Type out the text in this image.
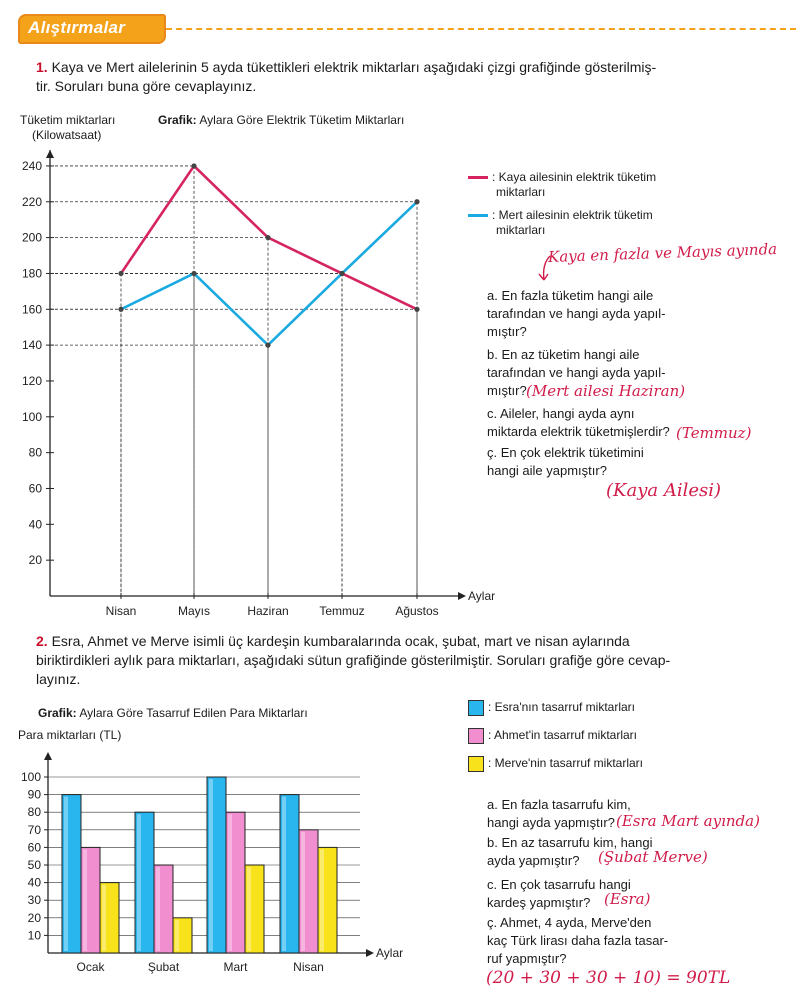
Alıştırmalar
1. Kaya ve Mert ailelerinin 5 ayda tükettikleri elektrik miktarları aşağıdaki çizgi grafiğinde gösterilmiş-
tir. Soruları buna göre cevaplayınız.
Tüketim miktarları
(Kilowatsaat)
Grafik: Aylara Göre Elektrik Tüketim Miktarları
Aylar
20
40
60
80
100
120
140
160
180
200
220
240
Nisan	Mayıs	Haziran	Temmuz	Ağustos
: Kaya ailesinin elektrik tüketim
miktarları
: Mert ailesinin elektrik tüketim
miktarları
Kaya en fazla ve Mayıs ayında
a. En fazla tüketim hangi aile
tarafından ve hangi ayda yapıl-
mıştır?
b. En az tüketim hangi aile
tarafından ve hangi ayda yapıl-
mıştır? (Mert ailesi Haziran)
c. Aileler, hangi ayda aynı
miktarda elektrik tüketmişlerdir? (Temmuz)
ç. En çok elektrik tüketimini
hangi aile yapmıştır?
(Kaya Ailesi)
2. Esra, Ahmet ve Merve isimli üç kardeşin kumbaralarında ocak, şubat, mart ve nisan aylarında
biriktirdikleri aylık para miktarları, aşağıdaki sütun grafiğinde gösterilmiştir. Soruları grafiğe göre cevap-
layınız.
Grafik: Aylara Göre Tasarruf Edilen Para Miktarları
Para miktarları (TL)
Aylar
10
20
30
40
50
60
70
80
90
100
Ocak	Şubat	Mart	Nisan
: Esra'nın tasarruf miktarları
: Ahmet'in tasarruf miktarları
: Merve'nin tasarruf miktarları
a. En fazla tasarrufu kim,
hangi ayda yapmıştır? (Esra Mart ayında)
b. En az tasarrufu kim, hangi
ayda yapmıştır?	(Şubat Merve)
c. En çok tasarrufu hangi
kardeş yapmıştır? (Esra)
ç. Ahmet, 4 ayda, Merve'den
kaç Türk lirası daha fazla tasar-
ruf yapmıştır?
(20 + 30 + 30 + 10) = 90TL
